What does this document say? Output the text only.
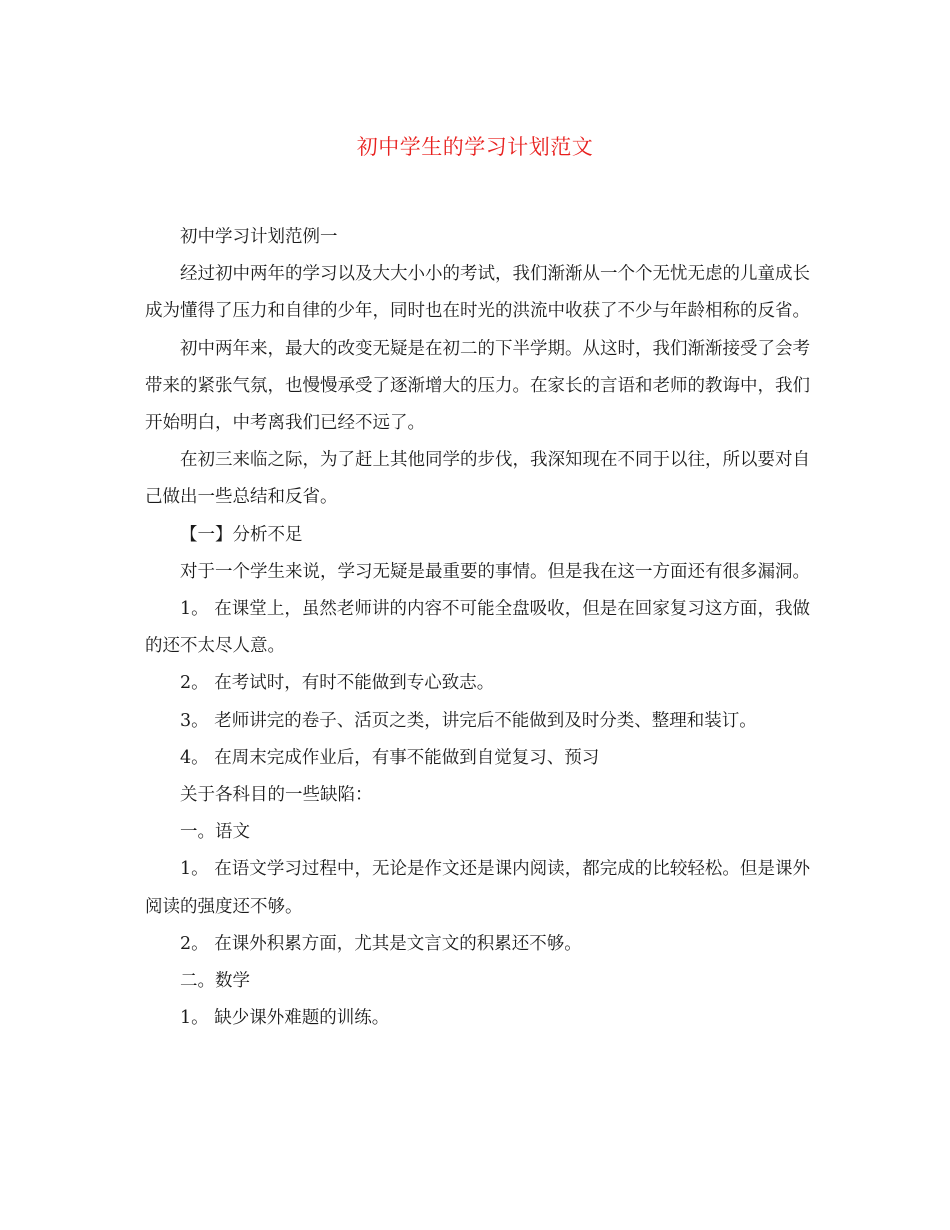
初中学生的学习计划范文

初中学习计划范例一

经过初中两年的学习以及大大小小的考试，我们渐渐从一个个无忧无虑的儿童成长成为懂得了压力和自律的少年，同时也在时光的洪流中收获了不少与年龄相称的反省。

初中两年来，最大的改变无疑是在初二的下半学期。从这时，我们渐渐接受了会考带来的紧张气氛，也慢慢承受了逐渐增大的压力。在家长的言语和老师的教诲中，我们开始明白，中考离我们已经不远了。

在初三来临之际，为了赶上其他同学的步伐，我深知现在不同于以往，所以要对自己做出一些总结和反省。

【一】分析不足

对于一个学生来说，学习无疑是最重要的事情。但是我在这一方面还有很多漏洞。

1。 在课堂上，虽然老师讲的内容不可能全盘吸收，但是在回家复习这方面，我做的还不太尽人意。

2。 在考试时，有时不能做到专心致志。

3。 老师讲完的卷子、活页之类，讲完后不能做到及时分类、整理和装订。

4。 在周末完成作业后，有事不能做到自觉复习、预习

关于各科目的一些缺陷：

一。语文

1。 在语文学习过程中，无论是作文还是课内阅读，都完成的比较轻松。但是课外阅读的强度还不够。

2。 在课外积累方面，尤其是文言文的积累还不够。

二。数学

1。 缺少课外难题的训练。
